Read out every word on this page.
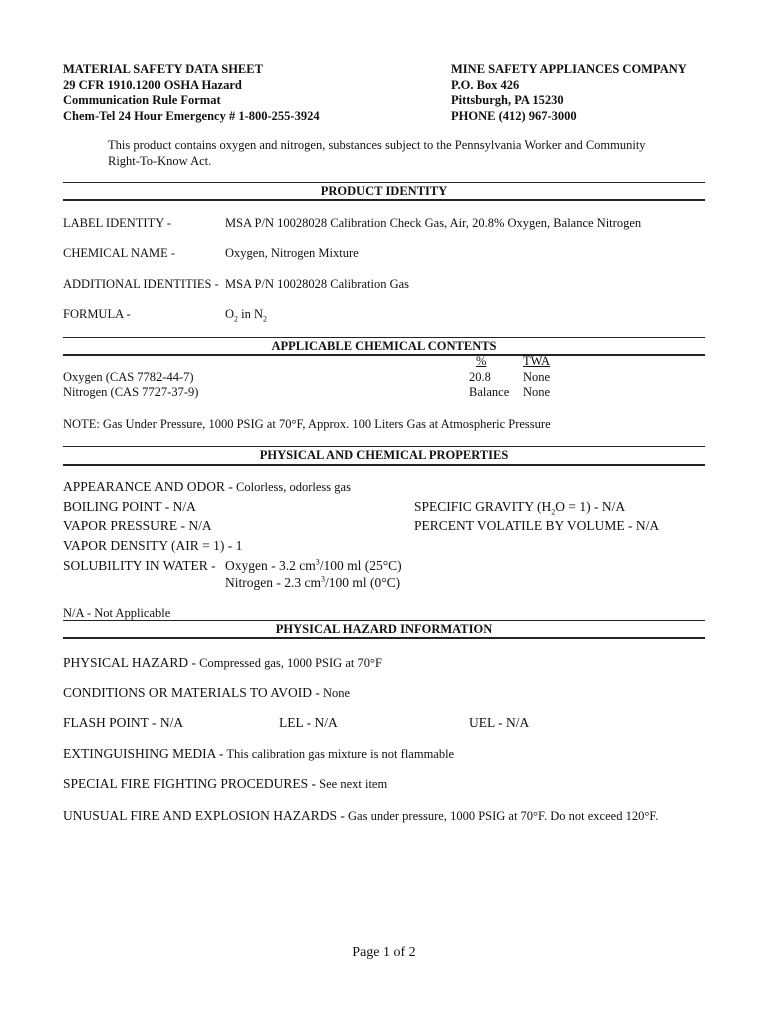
MATERIAL SAFETY DATA SHEET
29 CFR 1910.1200 OSHA Hazard
Communication Rule Format
Chem-Tel 24 Hour Emergency # 1-800-255-3924
MINE SAFETY APPLIANCES COMPANY
P.O. Box 426
Pittsburgh, PA 15230
PHONE (412) 967-3000
This product contains oxygen and nitrogen, substances subject to the Pennsylvania Worker and Community
Right-To-Know Act.
PRODUCT IDENTITY
LABEL IDENTITY -	MSA P/N 10028028 Calibration Check Gas, Air, 20.8% Oxygen, Balance Nitrogen
CHEMICAL NAME -	Oxygen, Nitrogen Mixture
ADDITIONAL IDENTITIES - MSA P/N 10028028 Calibration Gas
FORMULA -	$O_2$ in $N_2$
APPLICABLE CHEMICAL CONTENTS
%	TWA
Oxygen (CAS 7782-44-7)	20.8	None
Nitrogen (CAS 7727-37-9)	Balance None
NOTE: Gas Under Pressure, 1000 PSIG at 70°F, Approx. 100 Liters Gas at Atmospheric Pressure
PHYSICAL AND CHEMICAL PROPERTIES
APPEARANCE AND ODOR - Colorless, odorless gas
BOILING POINT - N/A	SPECIFIC GRAVITY $(H_2O = 1) - N/A$
VAPOR PRESSURE - N/A	PERCENT VOLATILE BY VOLUME - N/A
VAPOR DENSITY (AIR = 1) - 1
SOLUBILITY IN WATER - Oxygen - 3.2 $cm^3/100$ ml (25°C)
Nitrogen - 2.3 $cm^3/100$ ml (0°C)
N/A - Not Applicable
PHYSICAL HAZARD INFORMATION
PHYSICAL HAZARD - Compressed gas, 1000 PSIG at 70°F
CONDITIONS OR MATERIALS TO AVOID - None
FLASH POINT - N/A	LEL - N/A	UEL - N/A
EXTINGUISHING MEDIA - This calibration gas mixture is not flammable
SPECIAL FIRE FIGHTING PROCEDURES - See next item
UNUSUAL FIRE AND EXPLOSION HAZARDS - Gas under pressure, 1000 PSIG at 70°F. Do not exceed 120°F.
Page 1 of 2
